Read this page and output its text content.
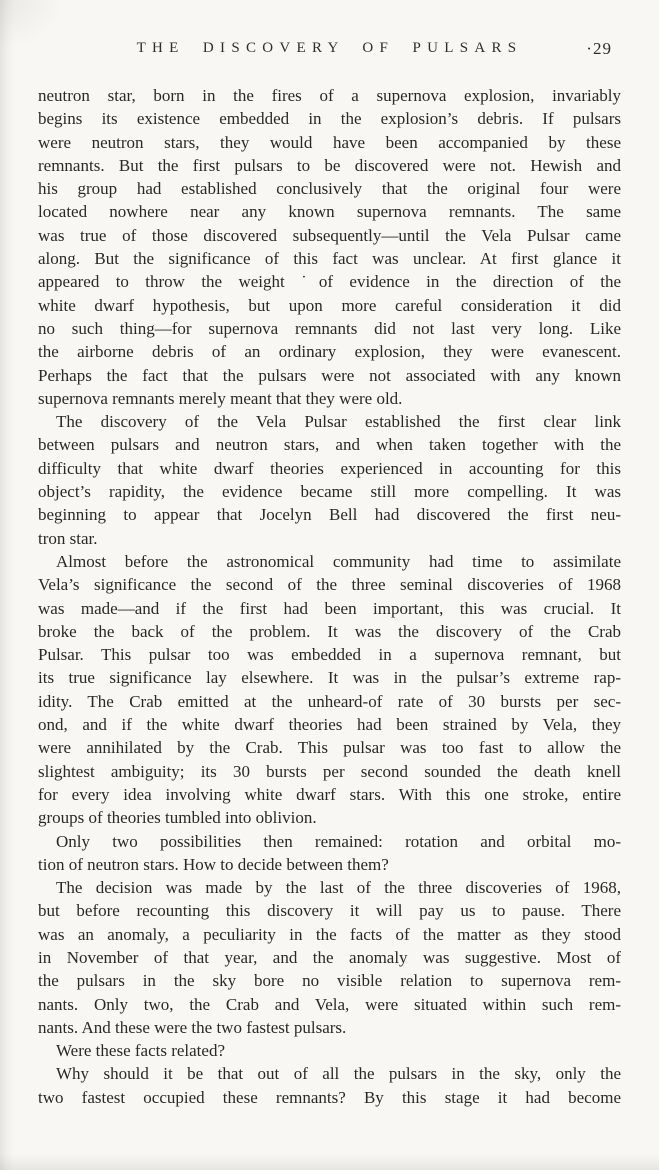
THE DISCOVERY OF PULSARS	·29
neutron star, born in the fires of a supernova explosion, invariably
begins its existence embedded in the explosion’s debris. If pulsars
were neutron stars, they would have been accompanied by these
remnants. But the first pulsars to be discovered were not. Hewish and
his group had established conclusively that the original four were
located nowhere near any known supernova remnants. The same
was true of those discovered subsequently—until the Vela Pulsar came
along. But the significance of this fact was unclear. At first glance it
appeared to throw the weight ˙of evidence in the direction of the
white dwarf hypothesis, but upon more careful consideration it did
no such thing—for supernova remnants did not last very long. Like
the airborne debris of an ordinary explosion, they were evanescent.
Perhaps the fact that the pulsars were not associated with any known
supernova remnants merely meant that they were old.
The discovery of the Vela Pulsar established the first clear link
between pulsars and neutron stars, and when taken together with the
difficulty that white dwarf theories experienced in accounting for this
object’s rapidity, the evidence became still more compelling. It was
beginning to appear that Jocelyn Bell had discovered the first neu-
tron star.
Almost before the astronomical community had time to assimilate
Vela’s significance the second of the three seminal discoveries of 1968
was made—and if the first had been important, this was crucial. It
broke the back of the problem. It was the discovery of the Crab
Pulsar. This pulsar too was embedded in a supernova remnant, but
its true significance lay elsewhere. It was in the pulsar’s extreme rap-
idity. The Crab emitted at the unheard-of rate of 30 bursts per sec-
ond, and if the white dwarf theories had been strained by Vela, they
were annihilated by the Crab. This pulsar was too fast to allow the
slightest ambiguity; its 30 bursts per second sounded the death knell
for every idea involving white dwarf stars. With this one stroke, entire
groups of theories tumbled into oblivion.
Only two possibilities then remained: rotation and orbital mo-
tion of neutron stars. How to decide between them?
The decision was made by the last of the three discoveries of 1968,
but before recounting this discovery it will pay us to pause. There
was an anomaly, a peculiarity in the facts of the matter as they stood
in November of that year, and the anomaly was suggestive. Most of
the pulsars in the sky bore no visible relation to supernova rem-
nants. Only two, the Crab and Vela, were situated within such rem-
nants. And these were the two fastest pulsars.
Were these facts related?
Why should it be that out of all the pulsars in the sky, only the
two fastest occupied these remnants? By this stage it had become
